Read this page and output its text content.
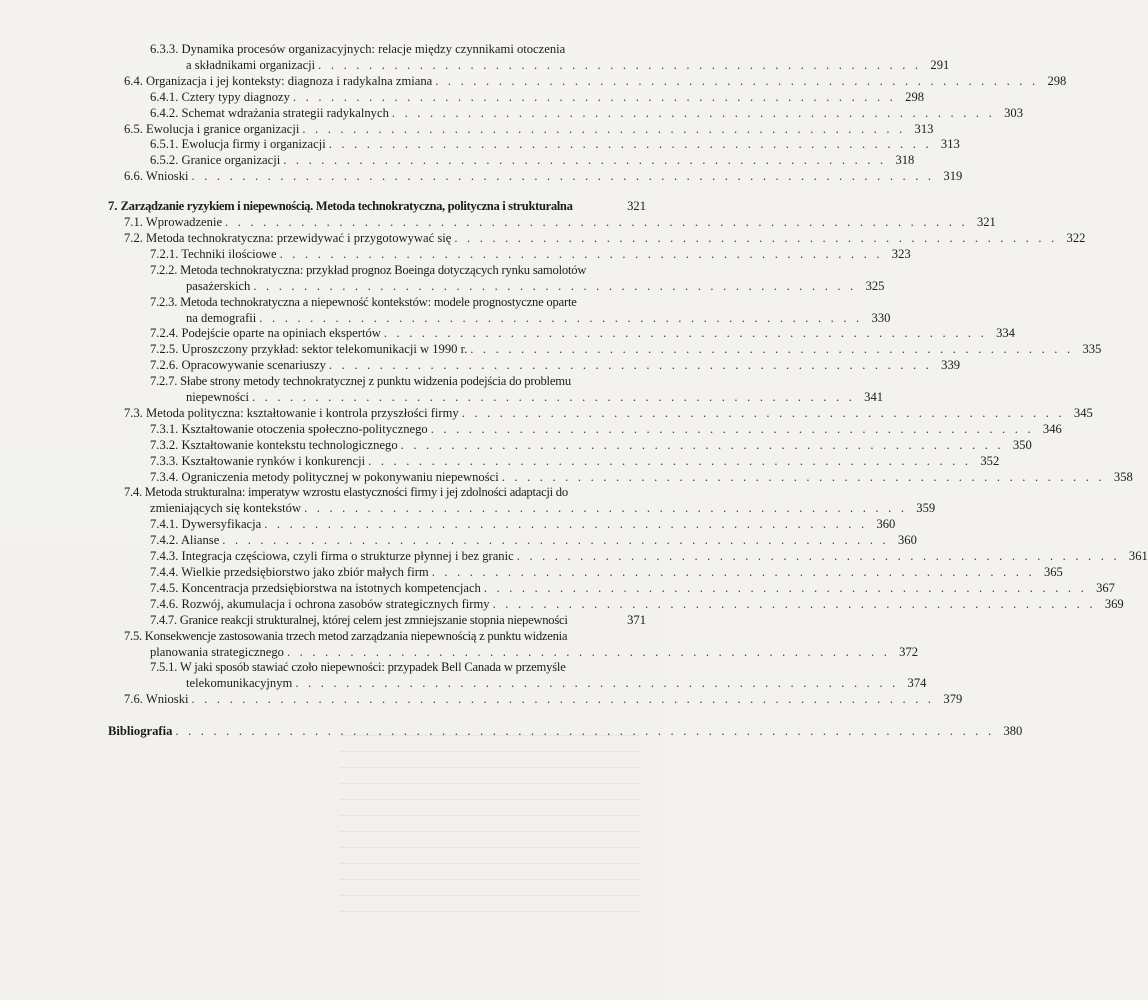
6.3.3. Dynamika procesów organizacyjnych: relacje między czynnikami otoczenia
a składnikami organizacji . . . . . . . . . . . . . . . . . . . . . . . . . . . . . . . . . . . . . . . . . . . . . . . . 291
6.4. Organizacja i jej konteksty: diagnoza i radykalna zmiana . . . . . . . . . . . . . . . . . . . . . . . . . . . . . . . . . . . . . . . . . . . . . . . . 298
6.4.1. Cztery typy diagnozy . . . . . . . . . . . . . . . . . . . . . . . . . . . . . . . . . . . . . . . . . . . . . . . . 298
6.4.2. Schemat wdrażania strategii radykalnych . . . . . . . . . . . . . . . . . . . . . . . . . . . . . . . . . . . . . . . . . . . . . . . . 303
6.5. Ewolucja i granice organizacji . . . . . . . . . . . . . . . . . . . . . . . . . . . . . . . . . . . . . . . . . . . . . . . . 313
6.5.1. Ewolucja firmy i organizacji . . . . . . . . . . . . . . . . . . . . . . . . . . . . . . . . . . . . . . . . . . . . . . . . 313
6.5.2. Granice organizacji . . . . . . . . . . . . . . . . . . . . . . . . . . . . . . . . . . . . . . . . . . . . . . . . 318
6.6. Wnioski . . . . . . . . . . . . . . . . . . . . . . . . . . . . . . . . . . . . . . . . . . . . . . . . . . . . . . . . . . . 319
7. Zarządzanie ryzykiem i niepewnością. Metoda technokratyczna, polityczna i strukturalna	321
7.1. Wprowadzenie . . . . . . . . . . . . . . . . . . . . . . . . . . . . . . . . . . . . . . . . . . . . . . . . . . . . . . . . . . . 321
7.2. Metoda technokratyczna: przewidywać i przygotowywać się . . . . . . . . . . . . . . . . . . . . . . . . . . . . . . . . . . . . . . . . . . . . . . . . 322
7.2.1. Techniki ilościowe . . . . . . . . . . . . . . . . . . . . . . . . . . . . . . . . . . . . . . . . . . . . . . . . 323
7.2.2. Metoda technokratyczna: przykład prognoz Boeinga dotyczących rynku samolotów
pasażerskich . . . . . . . . . . . . . . . . . . . . . . . . . . . . . . . . . . . . . . . . . . . . . . . . 325
7.2.3. Metoda technokratyczna a niepewność kontekstów: modele prognostyczne oparte
na demografii . . . . . . . . . . . . . . . . . . . . . . . . . . . . . . . . . . . . . . . . . . . . . . . . 330
7.2.4. Podejście oparte na opiniach ekspertów . . . . . . . . . . . . . . . . . . . . . . . . . . . . . . . . . . . . . . . . . . . . . . . . 334
7.2.5. Uproszczony przykład: sektor telekomunikacji w 1990 r. . . . . . . . . . . . . . . . . . . . . . . . . . . . . . . . . . . . . . . . . . . . . . . . . 335
7.2.6. Opracowywanie scenariuszy . . . . . . . . . . . . . . . . . . . . . . . . . . . . . . . . . . . . . . . . . . . . . . . . 339
7.2.7. Słabe strony metody technokratycznej z punktu widzenia podejścia do problemu
niepewności . . . . . . . . . . . . . . . . . . . . . . . . . . . . . . . . . . . . . . . . . . . . . . . . 341
7.3. Metoda polityczna: kształtowanie i kontrola przyszłości firmy . . . . . . . . . . . . . . . . . . . . . . . . . . . . . . . . . . . . . . . . . . . . . . . . 345
7.3.1. Kształtowanie otoczenia społeczno-politycznego . . . . . . . . . . . . . . . . . . . . . . . . . . . . . . . . . . . . . . . . . . . . . . . . 346
7.3.2. Kształtowanie kontekstu technologicznego . . . . . . . . . . . . . . . . . . . . . . . . . . . . . . . . . . . . . . . . . . . . . . . . 350
7.3.3. Kształtowanie rynków i konkurencji . . . . . . . . . . . . . . . . . . . . . . . . . . . . . . . . . . . . . . . . . . . . . . . . 352
7.3.4. Ograniczenia metody politycznej w pokonywaniu niepewności . . . . . . . . . . . . . . . . . . . . . . . . . . . . . . . . . . . . . . . . . . . . . . . . 358
7.4. Metoda strukturalna: imperatyw wzrostu elastyczności firmy i jej zdolności adaptacji do
zmieniających się kontekstów . . . . . . . . . . . . . . . . . . . . . . . . . . . . . . . . . . . . . . . . . . . . . . . . 359
7.4.1. Dywersyfikacja . . . . . . . . . . . . . . . . . . . . . . . . . . . . . . . . . . . . . . . . . . . . . . . . 360
7.4.2. Alianse . . . . . . . . . . . . . . . . . . . . . . . . . . . . . . . . . . . . . . . . . . . . . . . . . . . . . 360
7.4.3. Integracja częściowa, czyli firma o strukturze płynnej i bez granic . . . . . . . . . . . . . . . . . . . . . . . . . . . . . . . . . . . . . . . . . . . . . . . . 361
7.4.4. Wielkie przedsiębiorstwo jako zbiór małych firm . . . . . . . . . . . . . . . . . . . . . . . . . . . . . . . . . . . . . . . . . . . . . . . . 365
7.4.5. Koncentracja przedsiębiorstwa na istotnych kompetencjach . . . . . . . . . . . . . . . . . . . . . . . . . . . . . . . . . . . . . . . . . . . . . . . . 367
7.4.6. Rozwój, akumulacja i ochrona zasobów strategicznych firmy . . . . . . . . . . . . . . . . . . . . . . . . . . . . . . . . . . . . . . . . . . . . . . . . 369
7.4.7. Granice reakcji strukturalnej, której celem jest zmniejszanie stopnia niepewności	371
7.5. Konsekwencje zastosowania trzech metod zarządzania niepewnością z punktu widzenia
planowania strategicznego . . . . . . . . . . . . . . . . . . . . . . . . . . . . . . . . . . . . . . . . . . . . . . . . 372
7.5.1. W jaki sposób stawiać czoło niepewności: przypadek Bell Canada w przemyśle
telekomunikacyjnym . . . . . . . . . . . . . . . . . . . . . . . . . . . . . . . . . . . . . . . . . . . . . . . . 374
7.6. Wnioski . . . . . . . . . . . . . . . . . . . . . . . . . . . . . . . . . . . . . . . . . . . . . . . . . . . . . . . . . . . 379
Bibliografia . . . . . . . . . . . . . . . . . . . . . . . . . . . . . . . . . . . . . . . . . . . . . . . . . . . . . . . . . . . . . . . . . 380
